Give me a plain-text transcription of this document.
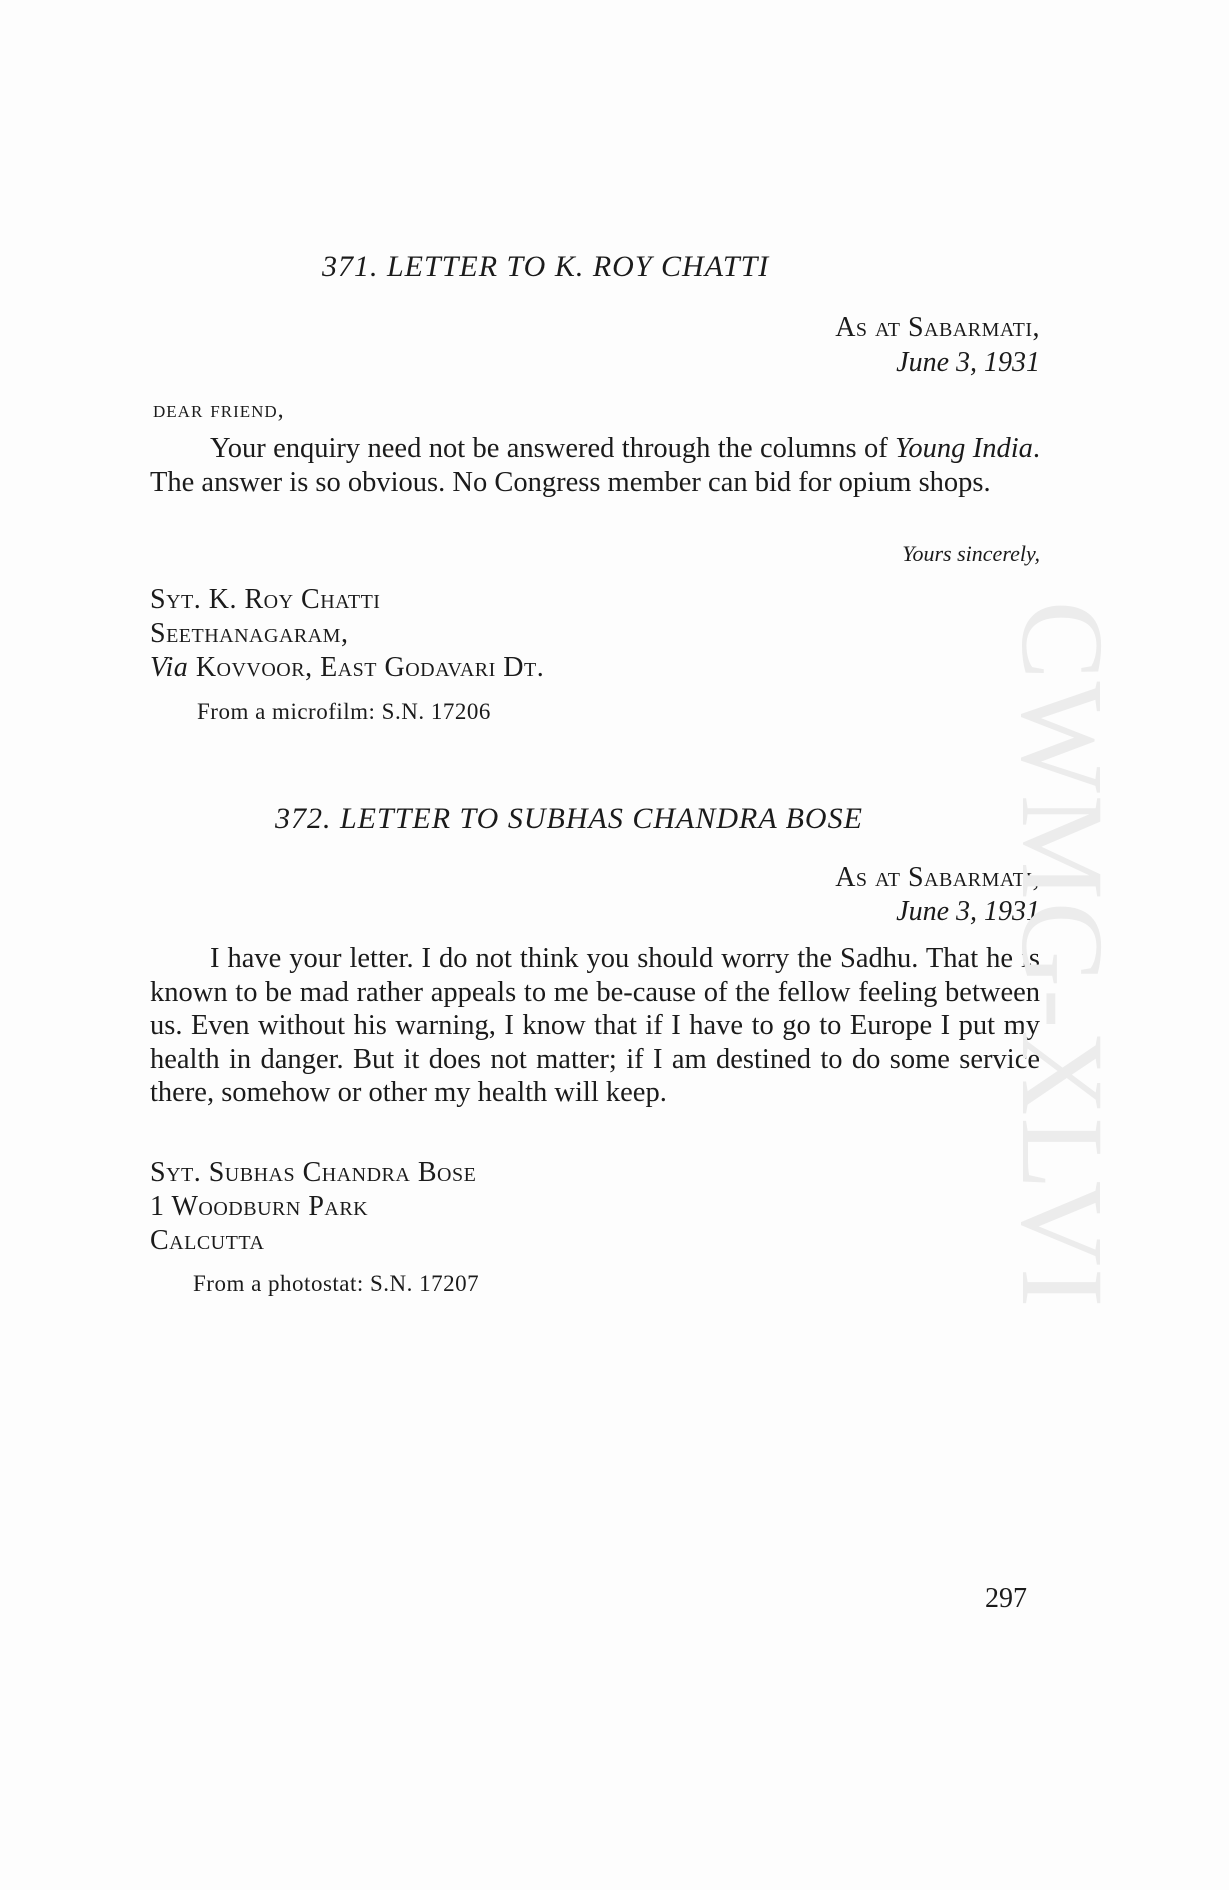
371. LETTER TO K. ROY CHATTI
As at Sabarmati,
June 3, 1931
dear friend,

Your enquiry need not be answered through the columns of Young India. The answer is so obvious. No Congress member can bid for opium shops.

Yours sincerely,
Syt. K. Roy Chatti
Seethanagaram,
Via Kovvoor, East Godavari Dt.
From a microfilm: S.N. 17206
372. LETTER TO SUBHAS CHANDRA BOSE
As at Sabarmati,
June 3, 1931

I have your letter. I do not think you should worry the Sadhu. That he is known to be mad rather appeals to me be-cause of the fellow feeling between us. Even without his warning, I know that if I have to go to Europe I put my health in danger. But it does not matter; if I am destined to do some service there, somehow or other my health will keep.

Syt. Subhas Chandra Bose
1 Woodburn Park
Calcutta
From a photostat: S.N. 17207
297
CWMG-XLVI
